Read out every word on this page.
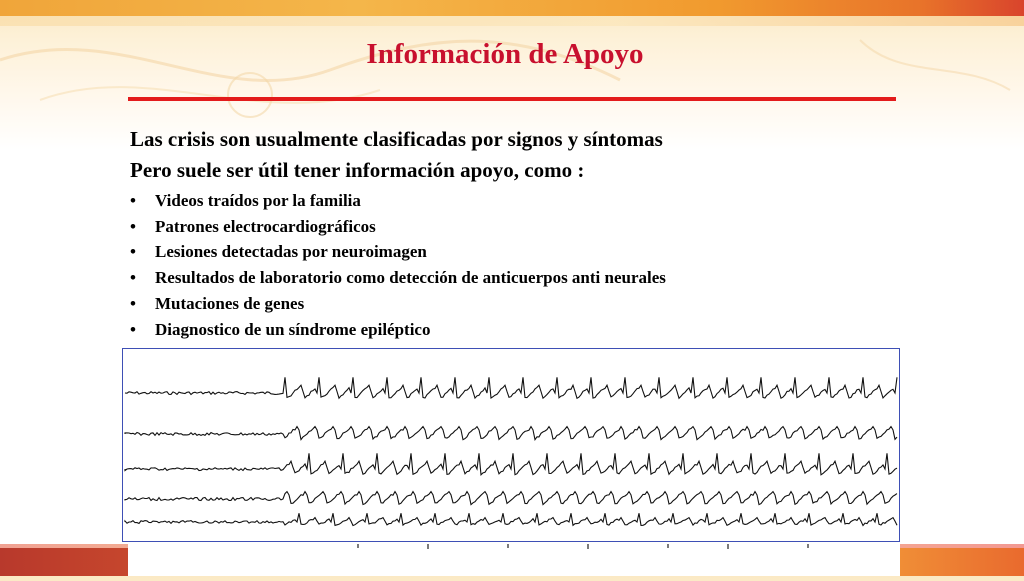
Información de Apoyo

Las crisis son usualmente clasificadas por signos y síntomas

Pero suele ser útil tener información apoyo, como :

• Videos traídos por la familia
• Patrones electrocardiográficos
• Lesiones detectadas por neuroimagen
• Resultados de laboratorio como detección de anticuerpos anti neurales
• Mutaciones de genes
• Diagnostico de un síndrome epiléptico
